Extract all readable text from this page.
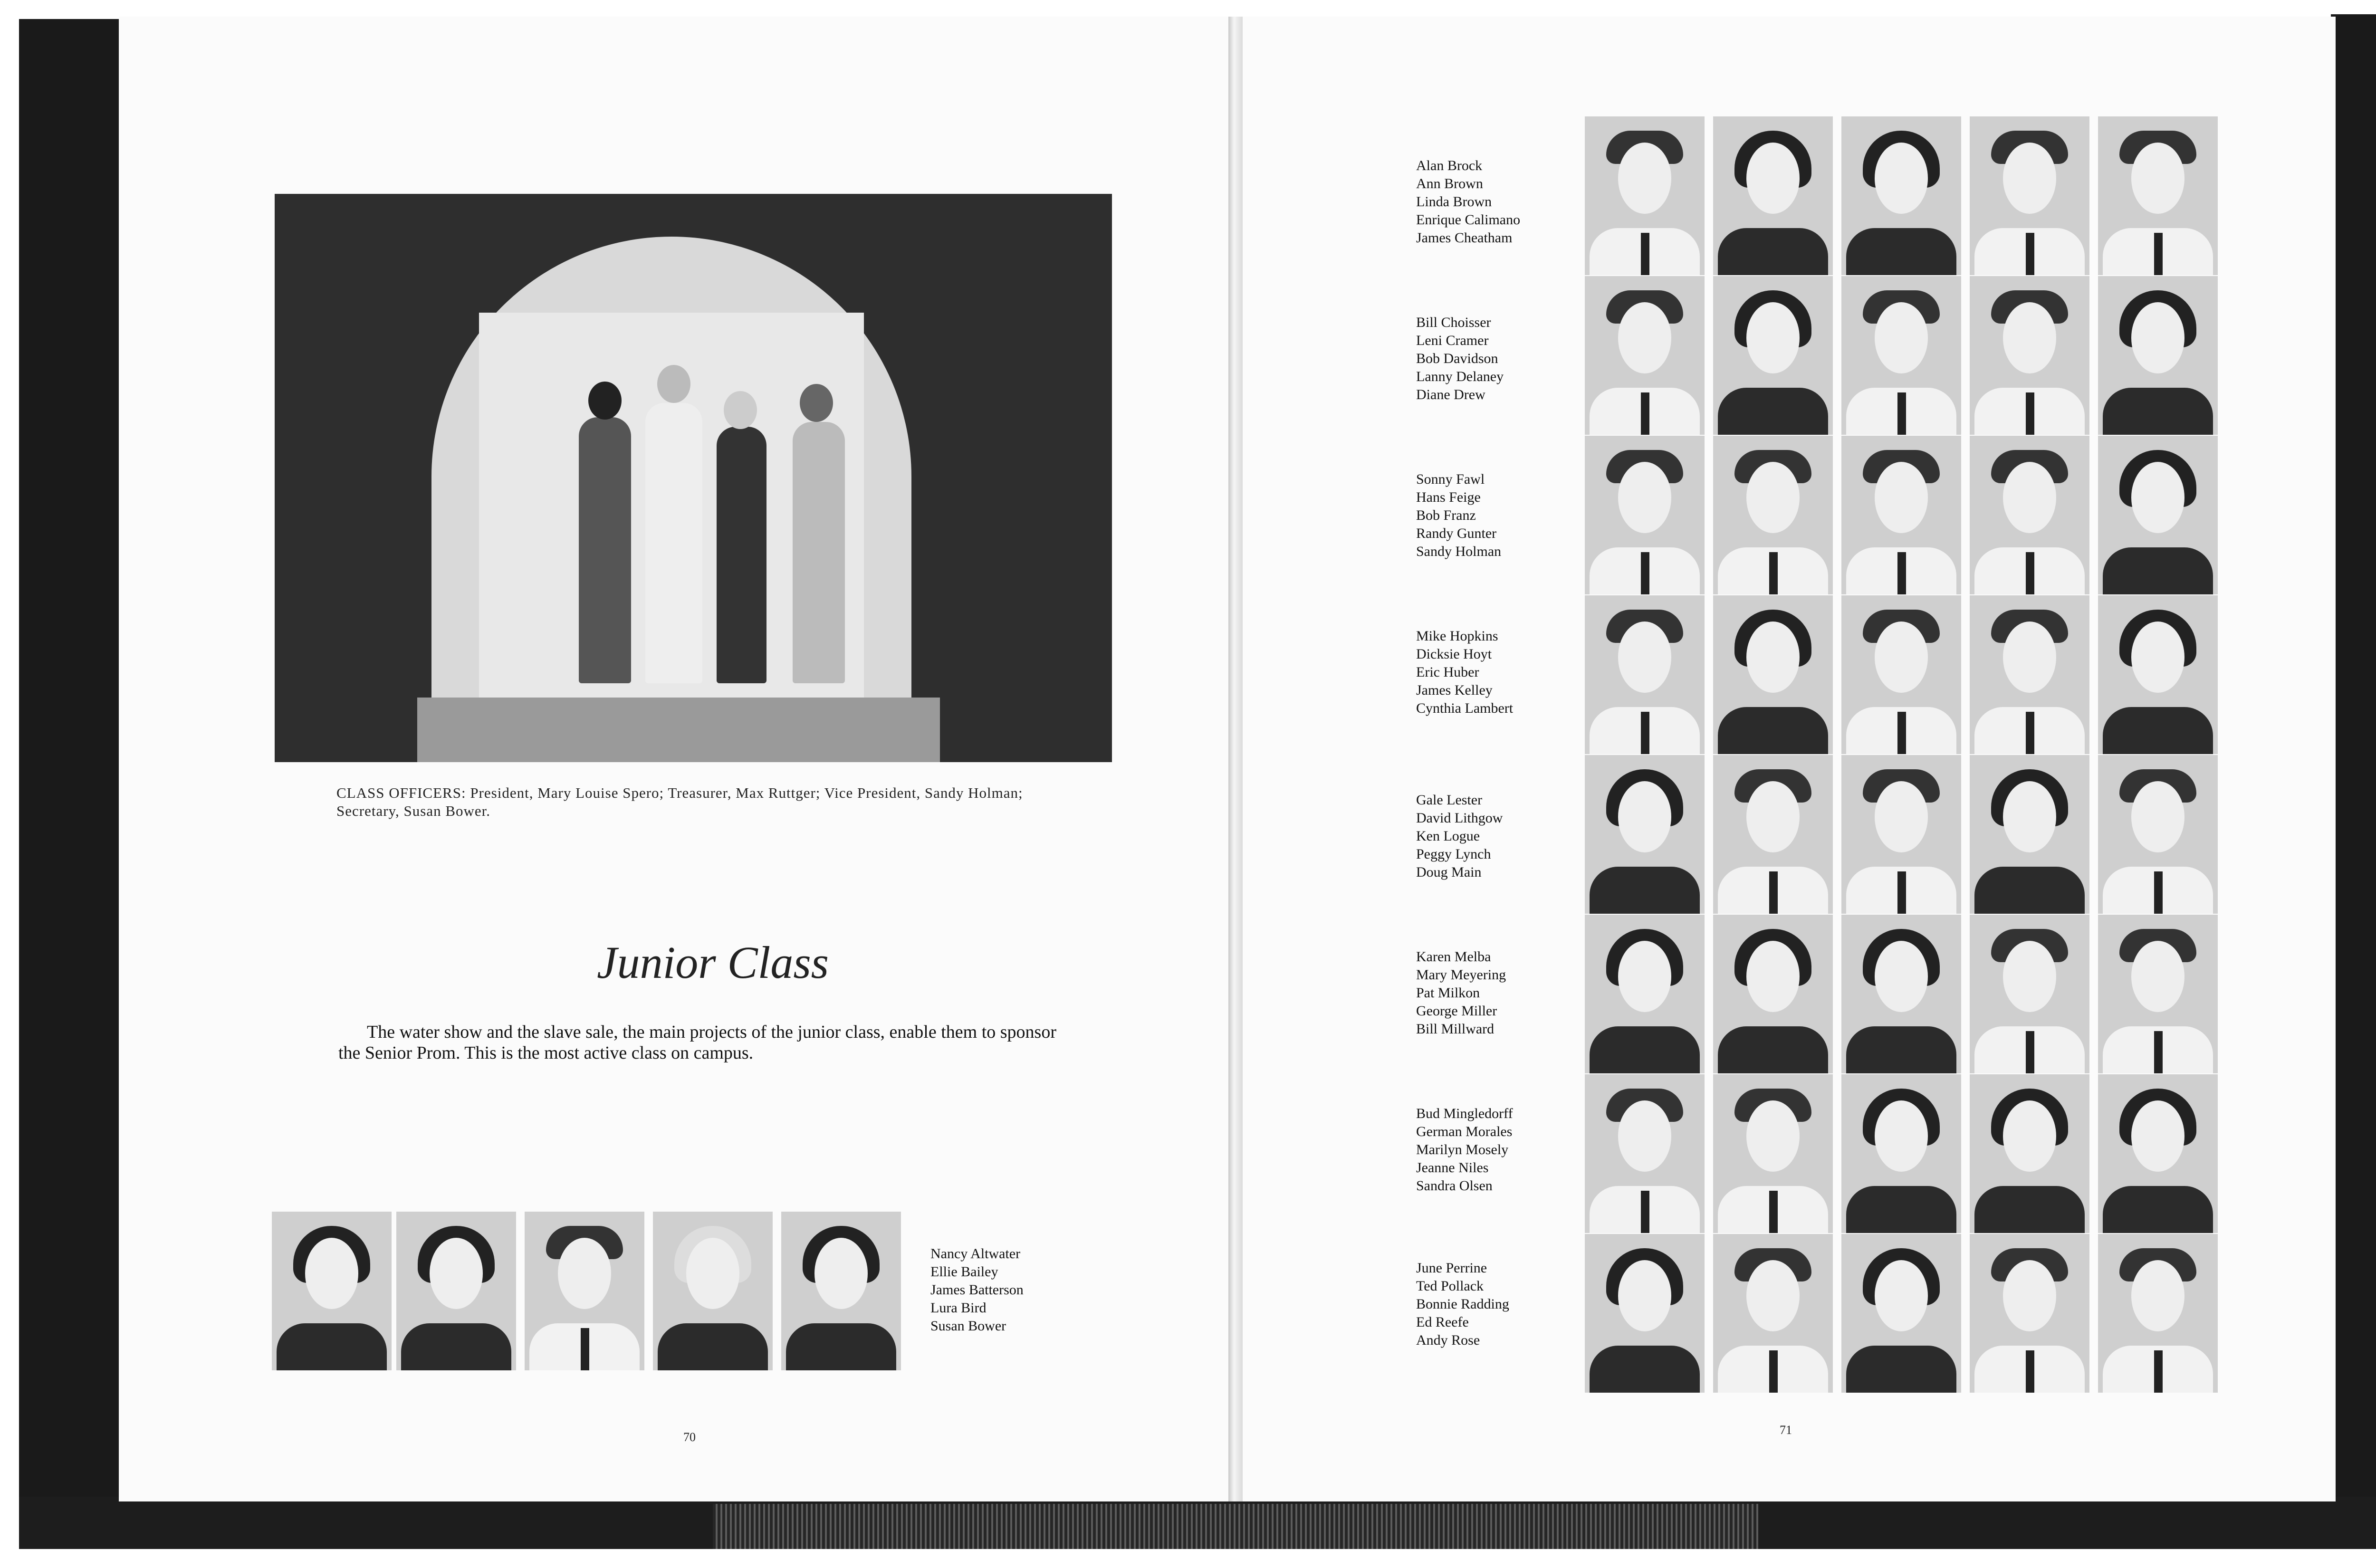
CLASS OFFICERS: President, Mary Louise Spero; Treasurer, Max Ruttger; Vice President, Sandy Holman; Secretary, Susan Bower.
Junior Class
The water show and the slave sale, the main projects of the junior class, enable them to sponsor the Senior Prom. This is the most active class on campus.
Nancy Altwater
Ellie Bailey
James Batterson
Lura Bird
Susan Bower
70
Alan Brock
Ann Brown
Linda Brown
Enrique Calimano
James Cheatham
Bill Choisser
Leni Cramer
Bob Davidson
Lanny Delaney
Diane Drew
Sonny Fawl
Hans Feige
Bob Franz
Randy Gunter
Sandy Holman
Mike Hopkins
Dicksie Hoyt
Eric Huber
James Kelley
Cynthia Lambert
Gale Lester
David Lithgow
Ken Logue
Peggy Lynch
Doug Main
Karen Melba
Mary Meyering
Pat Milkon
George Miller
Bill Millward
Bud Mingledorff
German Morales
Marilyn Mosely
Jeanne Niles
Sandra Olsen
June Perrine
Ted Pollack
Bonnie Radding
Ed Reefe
Andy Rose
71
